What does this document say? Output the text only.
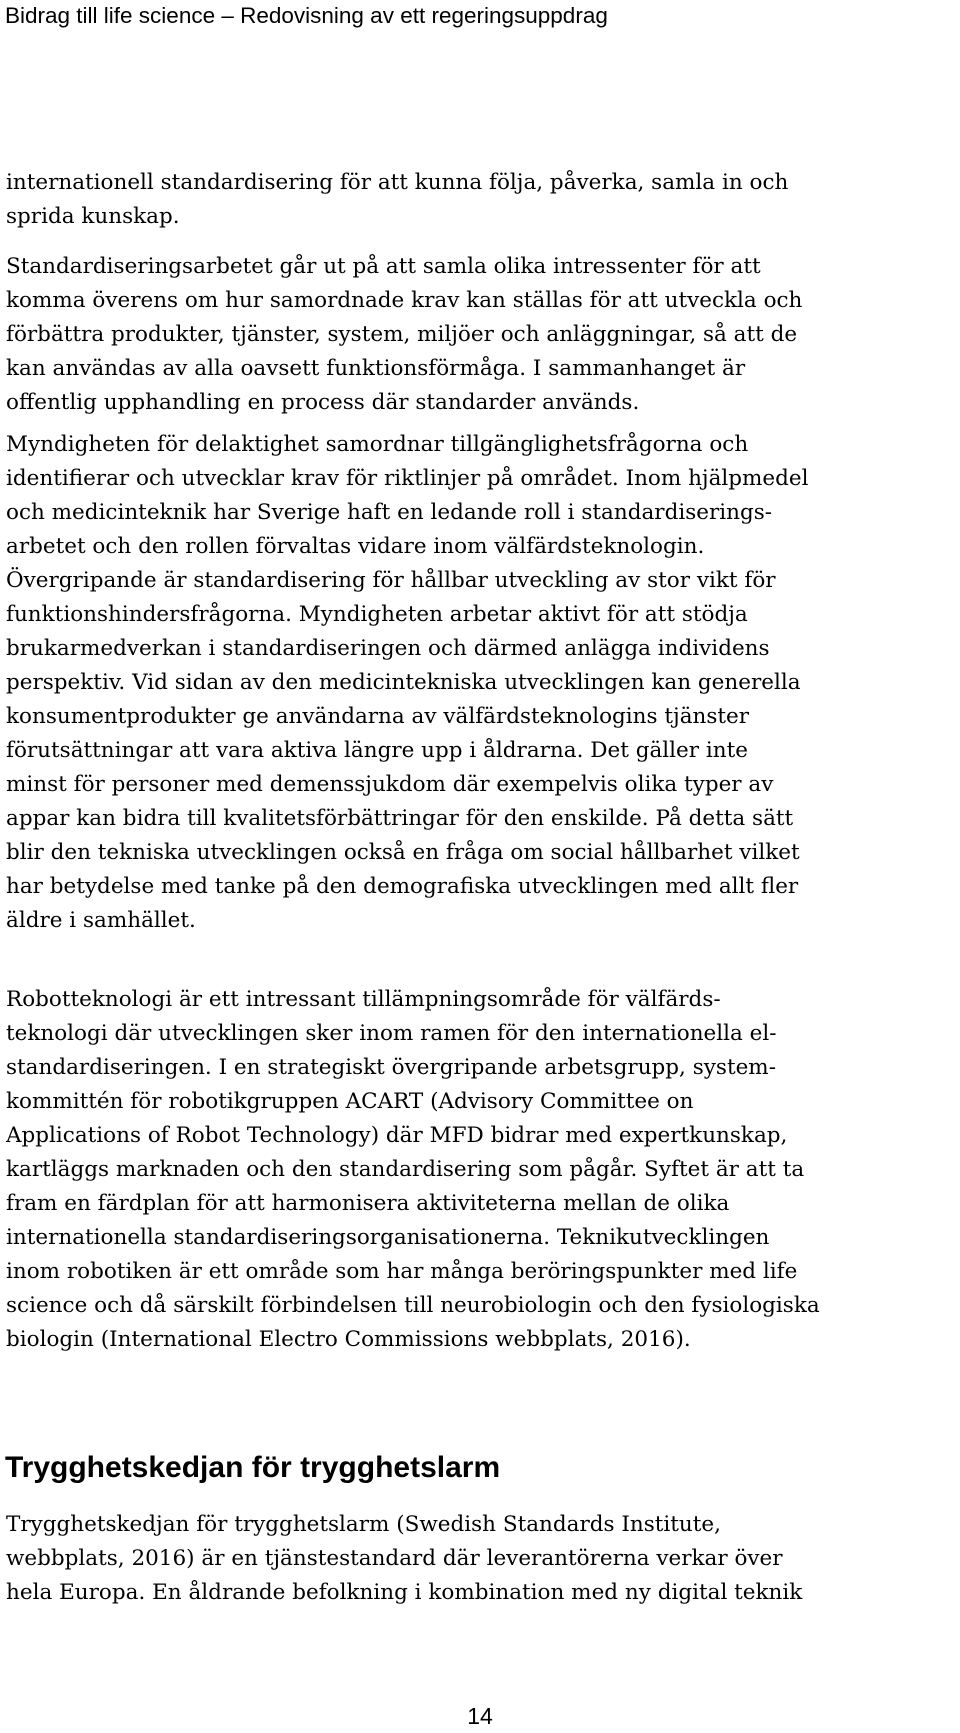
Bidrag till life science – Redovisning av ett regeringsuppdrag
internationell standardisering för att kunna följa, påverka, samla in och
sprida kunskap.
Standardiseringsarbetet går ut på att samla olika intressenter för att
komma överens om hur samordnade krav kan ställas för att utveckla och
förbättra produkter, tjänster, system, miljöer och anläggningar, så att de
kan användas av alla oavsett funktionsförmåga. I sammanhanget är
offentlig upphandling en process där standarder används.
Myndigheten för delaktighet samordnar tillgänglighetsfrågorna och
identifierar och utvecklar krav för riktlinjer på området. Inom hjälpmedel
och medicinteknik har Sverige haft en ledande roll i standardiserings-
arbetet och den rollen förvaltas vidare inom välfärdsteknologin.
Övergripande är standardisering för hållbar utveckling av stor vikt för
funktionshindersfrågorna. Myndigheten arbetar aktivt för att stödja
brukarmedverkan i standardiseringen och därmed anlägga individens
perspektiv. Vid sidan av den medicintekniska utvecklingen kan generella
konsumentprodukter ge användarna av välfärdsteknologins tjänster
förutsättningar att vara aktiva längre upp i åldrarna. Det gäller inte
minst för personer med demenssjukdom där exempelvis olika typer av
appar kan bidra till kvalitetsförbättringar för den enskilde. På detta sätt
blir den tekniska utvecklingen också en fråga om social hållbarhet vilket
har betydelse med tanke på den demografiska utvecklingen med allt fler
äldre i samhället.
Robotteknologi är ett intressant tillämpningsområde för välfärds-
teknologi där utvecklingen sker inom ramen för den internationella el-
standardiseringen. I en strategiskt övergripande arbetsgrupp, system-
kommittén för robotikgruppen ACART (Advisory Committee on
Applications of Robot Technology) där MFD bidrar med expertkunskap,
kartläggs marknaden och den standardisering som pågår. Syftet är att ta
fram en färdplan för att harmonisera aktiviteterna mellan de olika
internationella standardiseringsorganisationerna. Teknikutvecklingen
inom robotiken är ett område som har många beröringspunkter med life
science och då särskilt förbindelsen till neurobiologin och den fysiologiska
biologin (International Electro Commissions webbplats, 2016).
Trygghetskedjan för trygghetslarm
Trygghetskedjan för trygghetslarm (Swedish Standards Institute,
webbplats, 2016) är en tjänstestandard där leverantörerna verkar över
hela Europa. En åldrande befolkning i kombination med ny digital teknik
14
